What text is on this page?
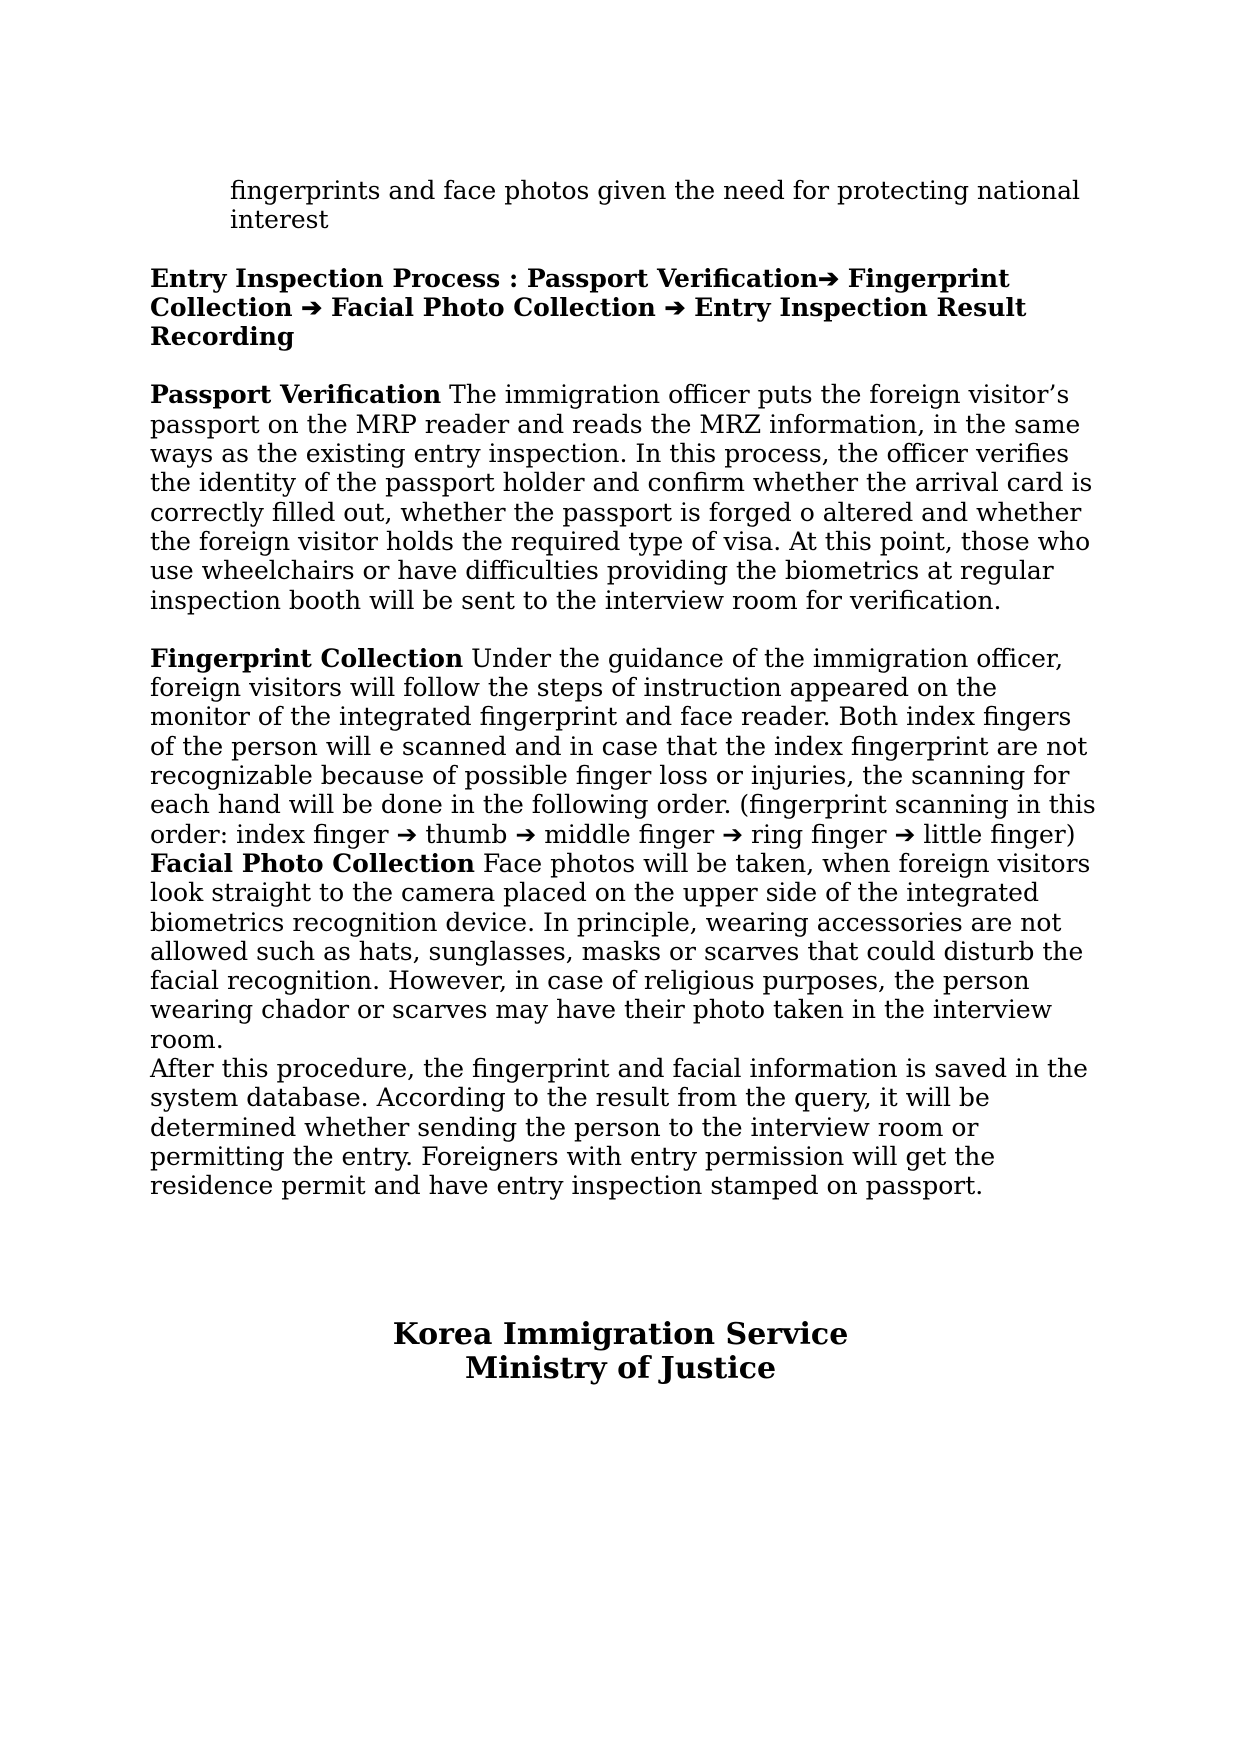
fingerprints and face photos given the need for protecting national interest

Entry Inspection Process : Passport Verification➔ Fingerprint Collection ➔ Facial Photo Collection ➔ Entry Inspection Result Recording

Passport Verification The immigration officer puts the foreign visitor’s passport on the MRP reader and reads the MRZ information, in the same ways as the existing entry inspection. In this process, the officer verifies the identity of the passport holder and confirm whether the arrival card is correctly filled out, whether the passport is forged o altered and whether the foreign visitor holds the required type of visa. At this point, those who use wheelchairs or have difficulties providing the biometrics at regular inspection booth will be sent to the interview room for verification.

Fingerprint Collection Under the guidance of the immigration officer, foreign visitors will follow the steps of instruction appeared on the monitor of the integrated fingerprint and face reader. Both index fingers of the person will e scanned and in case that the index fingerprint are not recognizable because of possible finger loss or injuries, the scanning for each hand will be done in the following order. (fingerprint scanning in this order: index finger ➔ thumb ➔ middle finger ➔ ring finger ➔ little finger)

Facial Photo Collection Face photos will be taken, when foreign visitors look straight to the camera placed on the upper side of the integrated biometrics recognition device. In principle, wearing accessories are not allowed such as hats, sunglasses, masks or scarves that could disturb the facial recognition. However, in case of religious purposes, the person wearing chador or scarves may have their photo taken in the interview room.

After this procedure, the fingerprint and facial information is saved in the system database. According to the result from the query, it will be determined whether sending the person to the interview room or permitting the entry. Foreigners with entry permission will get the residence permit and have entry inspection stamped on passport.

Korea Immigration Service
Ministry of Justice
